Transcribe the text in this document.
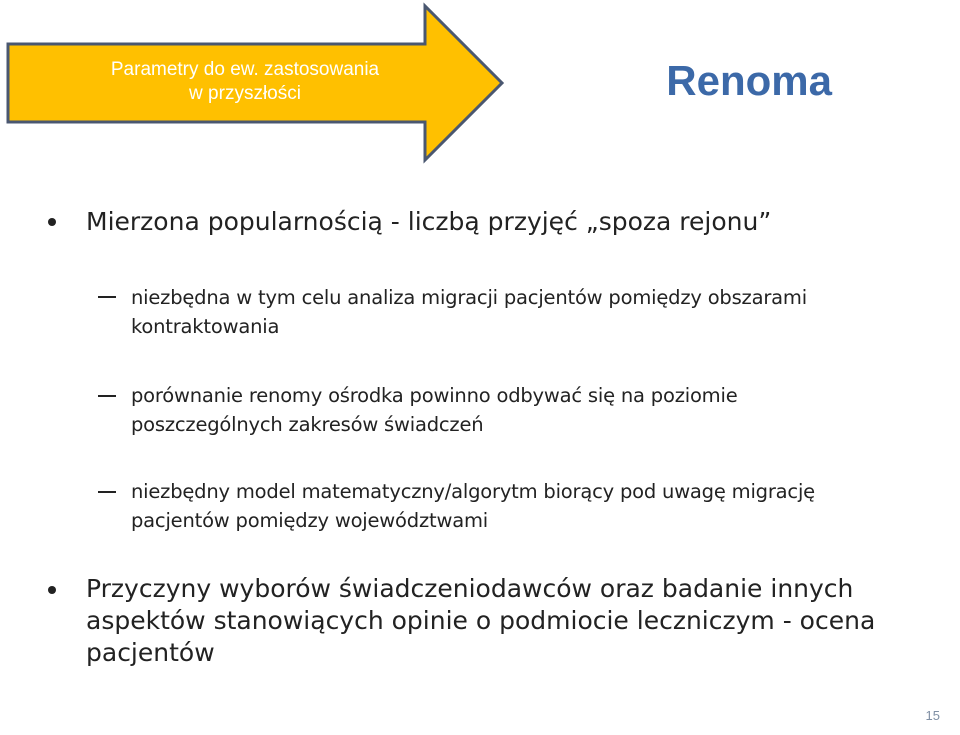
Parametry do ew. zastosowania
w przyszłości	Renoma
Mierzona popularnością - liczbą przyjęć „spoza rejonu”
niezbędna w tym celu analiza migracji pacjentów pomiędzy obszarami
kontraktowania
porównanie renomy ośrodka powinno odbywać się na poziomie
poszczególnych zakresów świadczeń
niezbędny model matematyczny/algorytm biorący pod uwagę migrację
pacjentów pomiędzy województwami
Przyczyny wyborów świadczeniodawców oraz badanie innych
aspektów stanowiących opinie o podmiocie leczniczym - ocena
pacjentów
15
